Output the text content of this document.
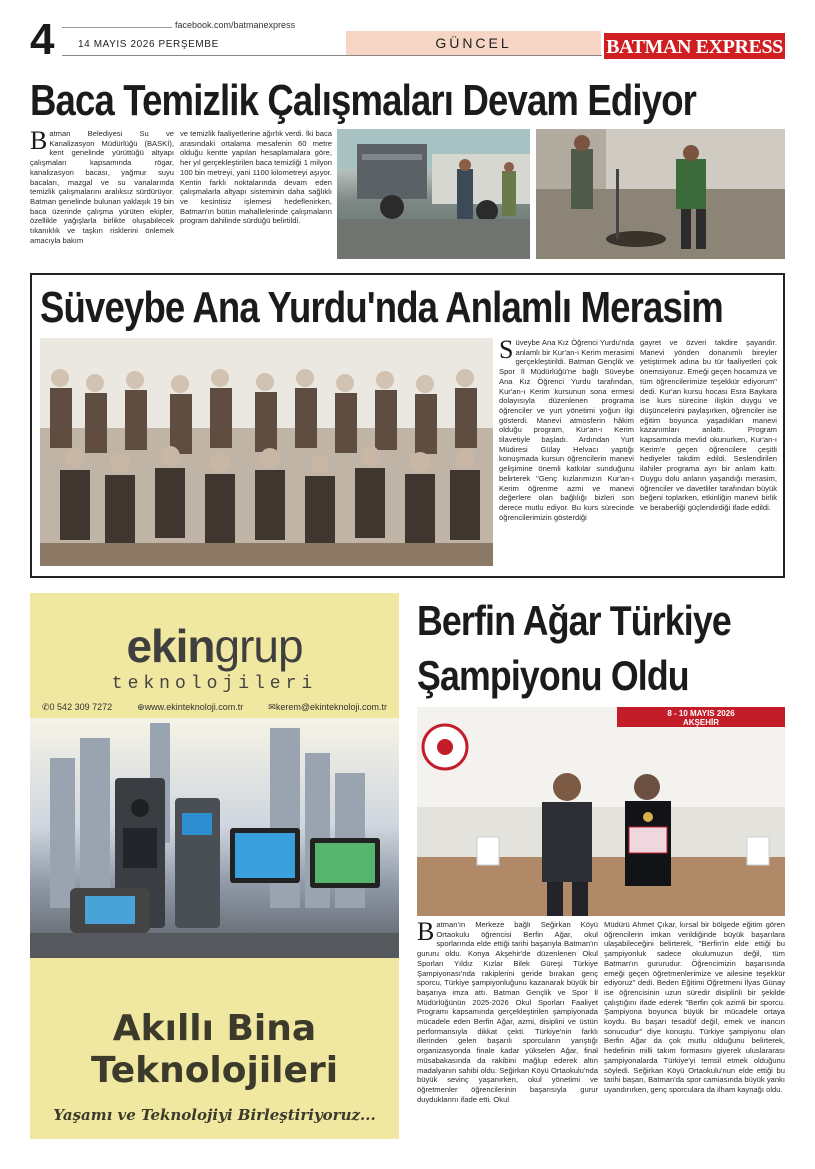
4	facebook.com/batmanexpress
14 MAYIS 2026 PERŞEMBE	GÜNCEL	BATMAN EXPRESS
Baca Temizlik Çalışmaları Devam Ediyor
Batman Belediyesi Su ve Kanalizasyon Müdürlüğü (BASKİ), kent genelinde yürüttüğü altyapı çalışmaları kapsamında rögar, kanalizasyon bacası, yağmur suyu bacaları, mazgal ve su vanalarında temizlik çalışmalarını aralıksız sürdürüyor. Batman genelinde bulunan yaklaşık 19 bin baca üzerinde çalışma yürüten ekipler, özellikle yağışlarla birlikte oluşabilecek tıkanıklık ve taşkın risklerini önlemek amacıyla bakım
ve temizlik faaliyetlerine ağırlık verdi. İki baca arasındaki ortalama mesafenin 60 metre olduğu kentte yapılan hesaplamalara göre, her yıl gerçekleştirilen baca temizliği 1 milyon 100 bin metreyi, yani 1100 kilometreyi aşıyor. Kentin farklı noktalarında devam eden çalışmalarla altyapı sisteminin daha sağlıklı ve kesintisiz işlemesi hedeflenirken, Batman'ın bütün mahallelerinde çalışmaların program dahilinde sürdüğü belirtildi.
Süveybe Ana Yurdu'nda Anlamlı Merasim
Süveybe Ana Kız Öğrenci Yurdu'nda anlamlı bir Kur'an-ı Kerim merasimi gerçekleştirildi. Batman Gençlik ve Spor İl Müdürlüğü'ne bağlı Süveybe Ana Kız Öğrenci Yurdu tarafından, Kur'an-ı Kerim kursunun sona ermesi dolayısıyla düzenlenen programa öğrenciler ve yurt yönetimi yoğun ilgi gösterdi. Manevi atmosferin hâkim olduğu program, Kur'an-ı Kerim tilavetiyle başladı. Ardından Yurt Müdiresi Gülay Helvacı yaptığı konuşmada kursun öğrencilerin manevi gelişimine önemli katkılar sunduğunu belirterek "Genç kızlarımızın Kur'an-ı Kerim öğrenme azmi ve manevi değerlere olan bağlılığı bizleri son derece mutlu ediyor. Bu kurs sürecinde öğrencilerimizin gösterdiği
gayret ve özveri takdire şayandır. Manevi yönden donanımlı bireyler yetiştirmek adına bu tür faaliyetleri çok önemsiyoruz. Emeği geçen hocamıza ve tüm öğrencilerimize teşekkür ediyorum" dedi. Kur'an kursu hocası Esra Baykara ise kurs sürecine ilişkin duygu ve düşüncelerini paylaşırken, öğrenciler ise eğitim boyunca yaşadıkları manevi kazanımları anlattı. Program kapsamında mevlid okunurken, Kur'an-ı Kerim'e geçen öğrencilere çeşitli hediyeler takdim edildi. Seslendirilen ilahiler programa ayrı bir anlam kattı. Duygu dolu anların yaşandığı merasim, öğrenciler ve davetliler tarafından büyük beğeni toplarken, etkinliğin manevi birlik ve beraberliği güçlendirdiği ifade edildi.
ekingrup
teknolojileri
✆0 542 309 7272	⊕www.ekinteknoloji.com.tr	✉kerem@ekinteknoloji.com.tr
Akıllı Bina
Teknolojileri
Yaşamı ve Teknolojiyi Birleştiriyoruz...
Berfin Ağar Türkiye
Şampiyonu Oldu
8 - 10 MAYIS 2026
AKŞEHİR
Batman'ın Merkeze bağlı Seğirkan Köyü Ortaokulu öğrencisi Berfin Ağar, okul sporlarında elde ettiği tarihi başarıyla Batman'ın gururu oldu. Konya Akşehir'de düzenlenen Okul Sporları Yıldız Kızlar Bilek Güreşi Türkiye Şampiyonası'nda rakiplerini geride bırakan genç sporcu, Türkiye şampiyonluğunu kazanarak büyük bir başarıya imza attı. Batman Gençlik ve Spor İl Müdürlüğünün 2025-2026 Okul Sporları Faaliyet Programı kapsamında gerçekleştirilen şampiyonada mücadele eden Berfin Ağar, azmi, disiplini ve üstün performansıyla dikkat çekti. Türkiye'nin farklı illerinden gelen başarılı sporcuların yarıştığı organizasyonda finale kadar yükselen Ağar, final müsabakasında da rakibini mağlup ederek altın madalyanın sahibi oldu. Seğirkan Köyü Ortaokulu'nda büyük sevinç yaşanırken, okul yönetimi ve öğretmenler öğrencilerinin başarısıyla gurur duyduklarını ifade etti. Okul
Müdürü Ahmet Çıkar, kırsal bir bölgede eğitim gören öğrencilerin imkan verildiğinde büyük başarılara ulaşabileceğini belirterek, "Berfin'in elde ettiği bu şampiyonluk sadece okulumuzun değil, tüm Batman'ın gururudur. Öğrencimizin başarısında emeği geçen öğretmenlerimize ve ailesine teşekkür ediyoruz" dedi. Beden Eğitimi Öğretmeni İlyas Günay ise öğrencisinin uzun süredir disiplinli bir şekilde çalıştığını ifade ederek "Berfin çok azimli bir sporcu. Şampiyona boyunca büyük bir mücadele ortaya koydu. Bu başarı tesadüf değil, emek ve inancın sonucudur" diye konuştu. Türkiye şampiyonu olan Berfin Ağar da çok mutlu olduğunu belirterek, hedefinin milli takım formasını giyerek uluslararası şampiyonalarda Türkiye'yi temsil etmek olduğunu söyledi. Seğirkan Köyü Ortaokulu'nun elde ettiği bu tarihi başarı, Batman'da spor camiasında büyük yankı uyandırırken, genç sporculara da ilham kaynağı oldu.
